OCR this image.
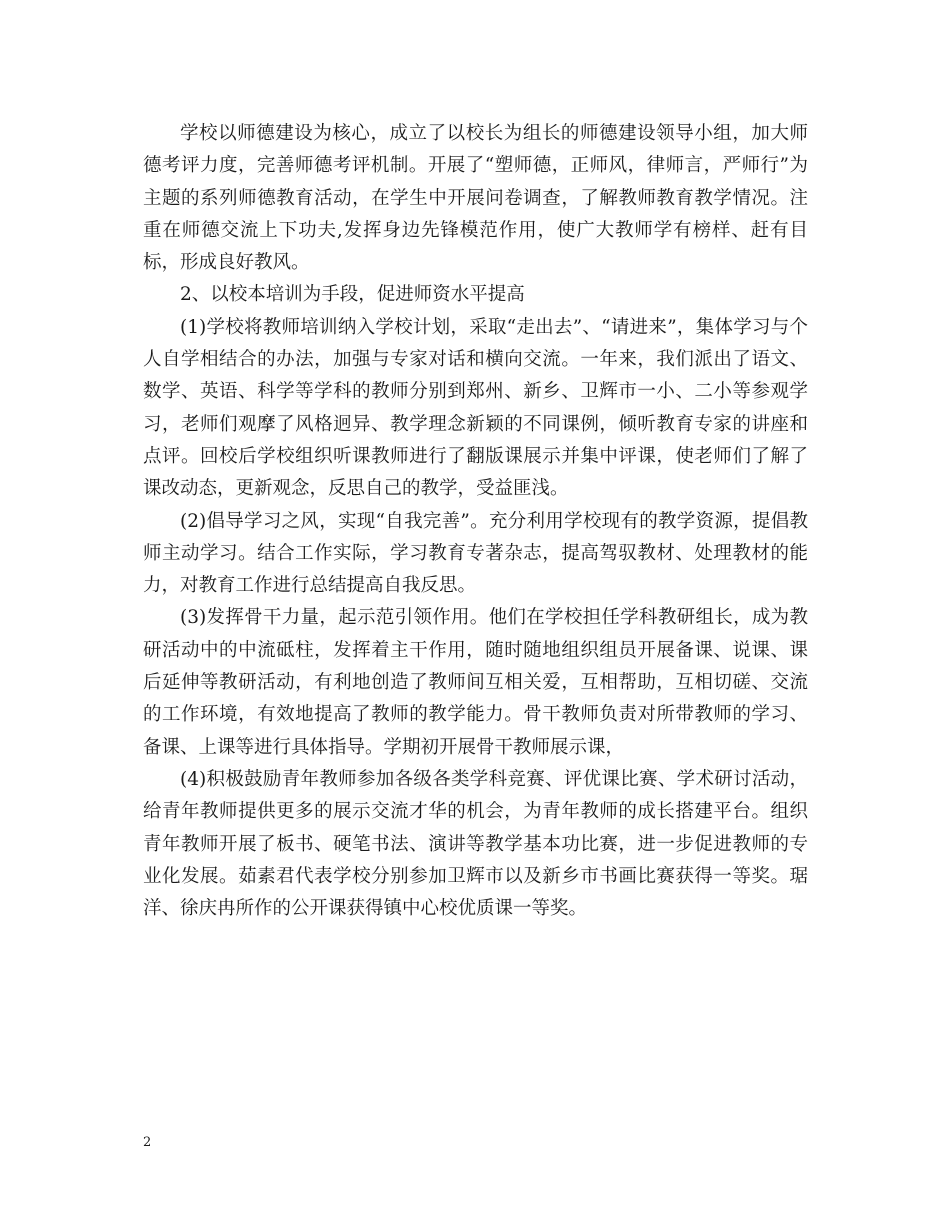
学校以师德建设为核心，成立了以校长为组长的师德建设领导小组，加大师德考评力度，完善师德考评机制。开展了“塑师德，正师风，律师言，严师行”为主题的系列师德教育活动，在学生中开展问卷调查，了解教师教育教学情况。注重在师德交流上下功夫,发挥身边先锋模范作用，使广大教师学有榜样、赶有目标，形成良好教风。

2、以校本培训为手段，促进师资水平提高

(1)学校将教师培训纳入学校计划，采取“走出去”、“请进来”，集体学习与个人自学相结合的办法，加强与专家对话和横向交流。一年来，我们派出了语文、数学、英语、科学等学科的教师分别到郑州、新乡、卫辉市一小、二小等参观学习，老师们观摩了风格迥异、教学理念新颖的不同课例，倾听教育专家的讲座和点评。回校后学校组织听课教师进行了翻版课展示并集中评课，使老师们了解了课改动态，更新观念，反思自己的教学，受益匪浅。

(2)倡导学习之风，实现“自我完善”。充分利用学校现有的教学资源，提倡教师主动学习。结合工作实际，学习教育专著杂志，提高驾驭教材、处理教材的能力，对教育工作进行总结提高自我反思。

(3)发挥骨干力量，起示范引领作用。他们在学校担任学科教研组长，成为教研活动中的中流砥柱，发挥着主干作用，随时随地组织组员开展备课、说课、课后延伸等教研活动，有利地创造了教师间互相关爱，互相帮助，互相切磋、交流的工作环境，有效地提高了教师的教学能力。骨干教师负责对所带教师的学习、备课、上课等进行具体指导。学期初开展骨干教师展示课，

(4)积极鼓励青年教师参加各级各类学科竞赛、评优课比赛、学术研讨活动，给青年教师提供更多的展示交流才华的机会，为青年教师的成长搭建平台。组织青年教师开展了板书、硬笔书法、演讲等教学基本功比赛，进一步促进教师的专业化发展。茹素君代表学校分别参加卫辉市以及新乡市书画比赛获得一等奖。琚洋、徐庆冉所作的公开课获得镇中心校优质课一等奖。

2
